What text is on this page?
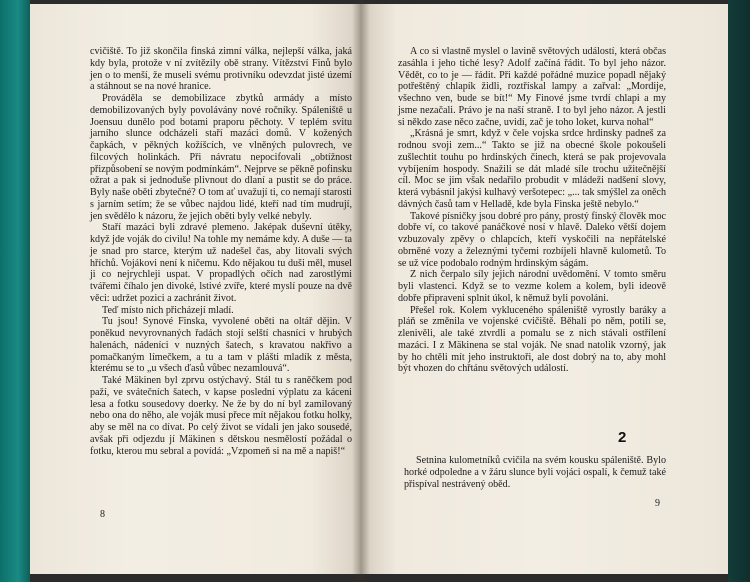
cvičiště. To již skončila finská zimní válka, nejlepší válka, jaká kdy byla, protože v ní zvítězily obě strany. Vítězství Finů bylo jen o to menší, že museli svému protivníku odevzdat jisté území a stáhnout se na nové hranice.

Prováděla se demobilizace zbytků armády a místo demobilizovaných byly povolávány nové ročníky. Spáleniště u Joensuu dunělo pod botami praporu pěchoty. V teplém svitu jarního slunce odcházeli staří mazáci domů. V kožených čapkách, v pěkných kožíšcích, ve vlněných pulovrech, ve filcových holinkách. Při návratu nepocifovali „obtížnost přizpůsobení se novým podmínkám“. Nejprve se pěkně pofinsku ožrat a pak si jednoduše plivnout do dlaní a pustit se do práce. Byly naše oběti zbytečné? O tom ať uvažují ti, co nemají starosti s jarním setím; že se vůbec najdou lidé, kteří nad tím mudrují, jen svědělo k názoru, že jejich oběti byly velké nebyly.

Staří mazáci byli zdravé plemeno. Jaképak duševní útěky, když jde voják do civilu! Na tohle my nemáme kdy. A duše — ta je snad pro starce, kterým už nadešel čas, aby litovali svých hříchů. Vojákovi není k ničemu. Kdo nějakou tu duši měl, musel ji co nejrychleji uspat. V propadlých očích nad zarostlými tvářemi číhalo jen divoké, lstivé zvíře, které myslí pouze na dvě věci: udržet pozici a zachránit život.

Teď místo nich přicházejí mladí.

Tu jsou! Synové Finska, vyvolené oběti na oltář dějin. V poněkud nevyrovnaných řadách stojí selští chasníci v hrubých halenách, nádeníci v nuzných šatech, s kravatou nakřivo a pomačkaným límečkem, a tu a tam v plášti mladík z města, kterému se to „u všech ďasů vůbec nezamlouvá“.

Také Mäkinen byl zprvu ostýchavý. Stál tu s raněčkem pod paží, ve svátečních šatech, v kapse poslední výplatu za káceni lesa a fotku sousedovy doerky. Ne že by do ní byl zamilovaný nebo ona do něho, ale voják musí přece mít nějakou fotku holky, aby se měl na co dívat. Po celý život se vídali jen jako sousedé, avšak při odjezdu jí Mäkinen s dětskou nesmělostí požádal o fotku, kterou mu sebral a povídá: „Vzpomeň si na mě a napiš!“

8

A co si vlastně myslel o lavině světových událostí, která občas zasáhla i jeho tiché lesy? Adolf začíná řádit. To byl jeho názor. Vědět, co to je — řádit. Při každé pořádné muzice popadl nějaký potřeštěný chlapík židli, roztřískal lampy a zařval: „Mordije, všechno ven, bude se bít!“ My Finové jsme tvrdí chlapi a my jsme nezačali. Právo je na naší straně. I to byl jeho názor. A jestli si někdo zase něco začne, uvidí, zač je toho loket, kurva nohal“

„Krásná je smrt, když v čele vojska srdce hrdinsky padneš za rodnou svoji zem...“ Takto se již na obecné škole pokoušeli zušlechtit touhu po hrdinských činech, která se pak projevovala vybíjením hospody. Snažili se dát mladé síle trochu užitečnější cíl. Moc se jim však nedařilo probudit v mládeži nadšení slovy, která vybásnil jakýsi kulhavý veršotepec: „... tak smýšlel za oněch dávných časů tam v Helladě, kde byla Finska ještě nebylo.“

Takové písničky jsou dobré pro pány, prostý finský člověk moc dobře ví, co takové panáčkové nosí v hlavě. Daleko větší dojem vzbuzovaly zpěvy o chlapcích, kteří vyskočili na nepřátelské obrněné vozy a železnými tyčemi rozbíjeli hlavně kulometů. To se už více podobalo rodným hrdinským ságám.

Z nich čerpalo síly jejich národní uvědomění. V tomto směru byli vlastenci. Když se to vezme kolem a kolem, byli ideově dobře připraveni splnit úkol, k němuž byli povoláni.

Přešel rok. Kolem vykluceného spáleniště vyrostly baráky a pláň se změnila ve vojenské cvičiště. Běhali po něm, potili se, zlenivěli, ale také ztvrdli a pomalu se z nich stávali ostřílení mazáci. I z Mäkinena se stal voják. Ne snad natolik vzorný, jak by ho chtěli mít jeho instruktoři, ale dost dobrý na to, aby mohl být vhozen do chřtánu světových událostí.

2

Setnina kulometníků cvičila na svém kousku spáleniště. Bylo horké odpoledne a v žáru slunce byli vojáci ospalí, k čemuž také přispíval nestrávený oběd.

9
